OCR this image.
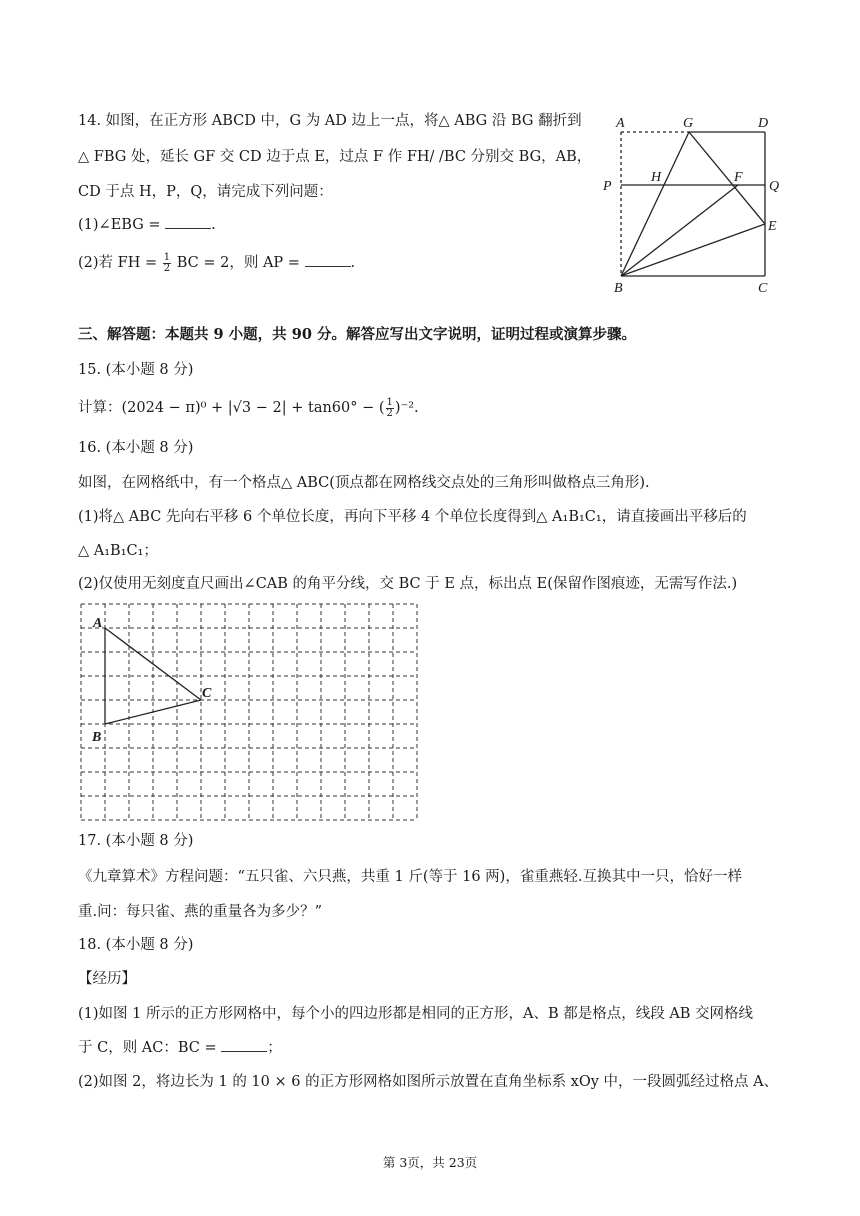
14. 如图，在正方形 ABCD 中，G 为 AD 边上一点，将△ ABG 沿 BG 翻折到
△ FBG 处，延长 GF 交 CD 边于点 E，过点 F 作 FH/ /BC 分别交 BG，AB，
CD 于点 H，P，Q，请完成下列问题：
(1)∠EBG =	.
(2)若 FH = $\frac{1}{2}$ BC = 2，则 AP =	.
A	G	D
P
H	F
Q
E
B	C
三、解答题：本题共 9 小题，共 90 分。解答应写出文字说明，证明过程或演算步骤。
15. (本小题 8 分)
计算：(2024 − π)⁰ + |√3 − 2| + tan60° − ( $\frac{1}{2} )^{-2}$.
16. (本小题 8 分)
如图，在网格纸中，有一个格点△ ABC(顶点都在网格线交点处的三角形叫做格点三角形).
(1)将△ ABC 先向右平移 6 个单位长度，再向下平移 4 个单位长度得到△ A₁B₁C₁，请直接画出平移后的
△ A₁B₁C₁；
(2)仅使用无刻度直尺画出∠CAB 的角平分线，交 BC 于 E 点，标出点 E(保留作图痕迹，无需写作法.)
A
B
C
17. (本小题 8 分)
《九章算术》方程问题：“五只雀、六只燕，共重 1 斤(等于 16 两)，雀重燕轻.互换其中一只，恰好一样
重.问：每只雀、燕的重量各为多少？”
18. (本小题 8 分)
【经历】
(1)如图 1 所示的正方形网格中，每个小的四边形都是相同的正方形，A、B 都是格点，线段 AB 交网格线
于 C，则 AC：BC =	；
(2)如图 2，将边长为 1 的 10 × 6 的正方形网格如图所示放置在直角坐标系 xOy 中，一段圆弧经过格点 A、
第 3页，共 23页
